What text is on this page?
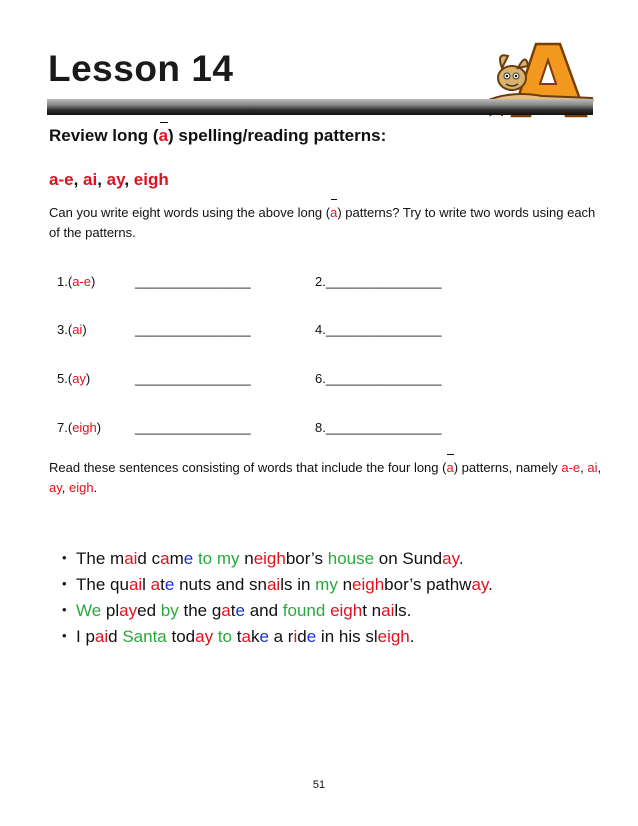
Lesson 14
Review long (a) spelling/reading patterns:
a-e, ai, ay, eigh
Can you write eight words using the above long (a) patterns? Try to write two words using each of the patterns.
1.(a-e)	________________	2.________________
3.(ai)	________________	4.________________
5.(ay)	________________	6.________________
7.(eigh)	________________	8.________________
Read these sentences consisting of words that include the four long (a) patterns, namely a-e, ai, ay, eigh.
• The maid came to my neighbor’s house on Sunday.
• The quail ate nuts and snails in my neighbor’s pathway.
• We played by the gate and found eight nails.
• I paid Santa today to take a ride in his sleigh.
51
